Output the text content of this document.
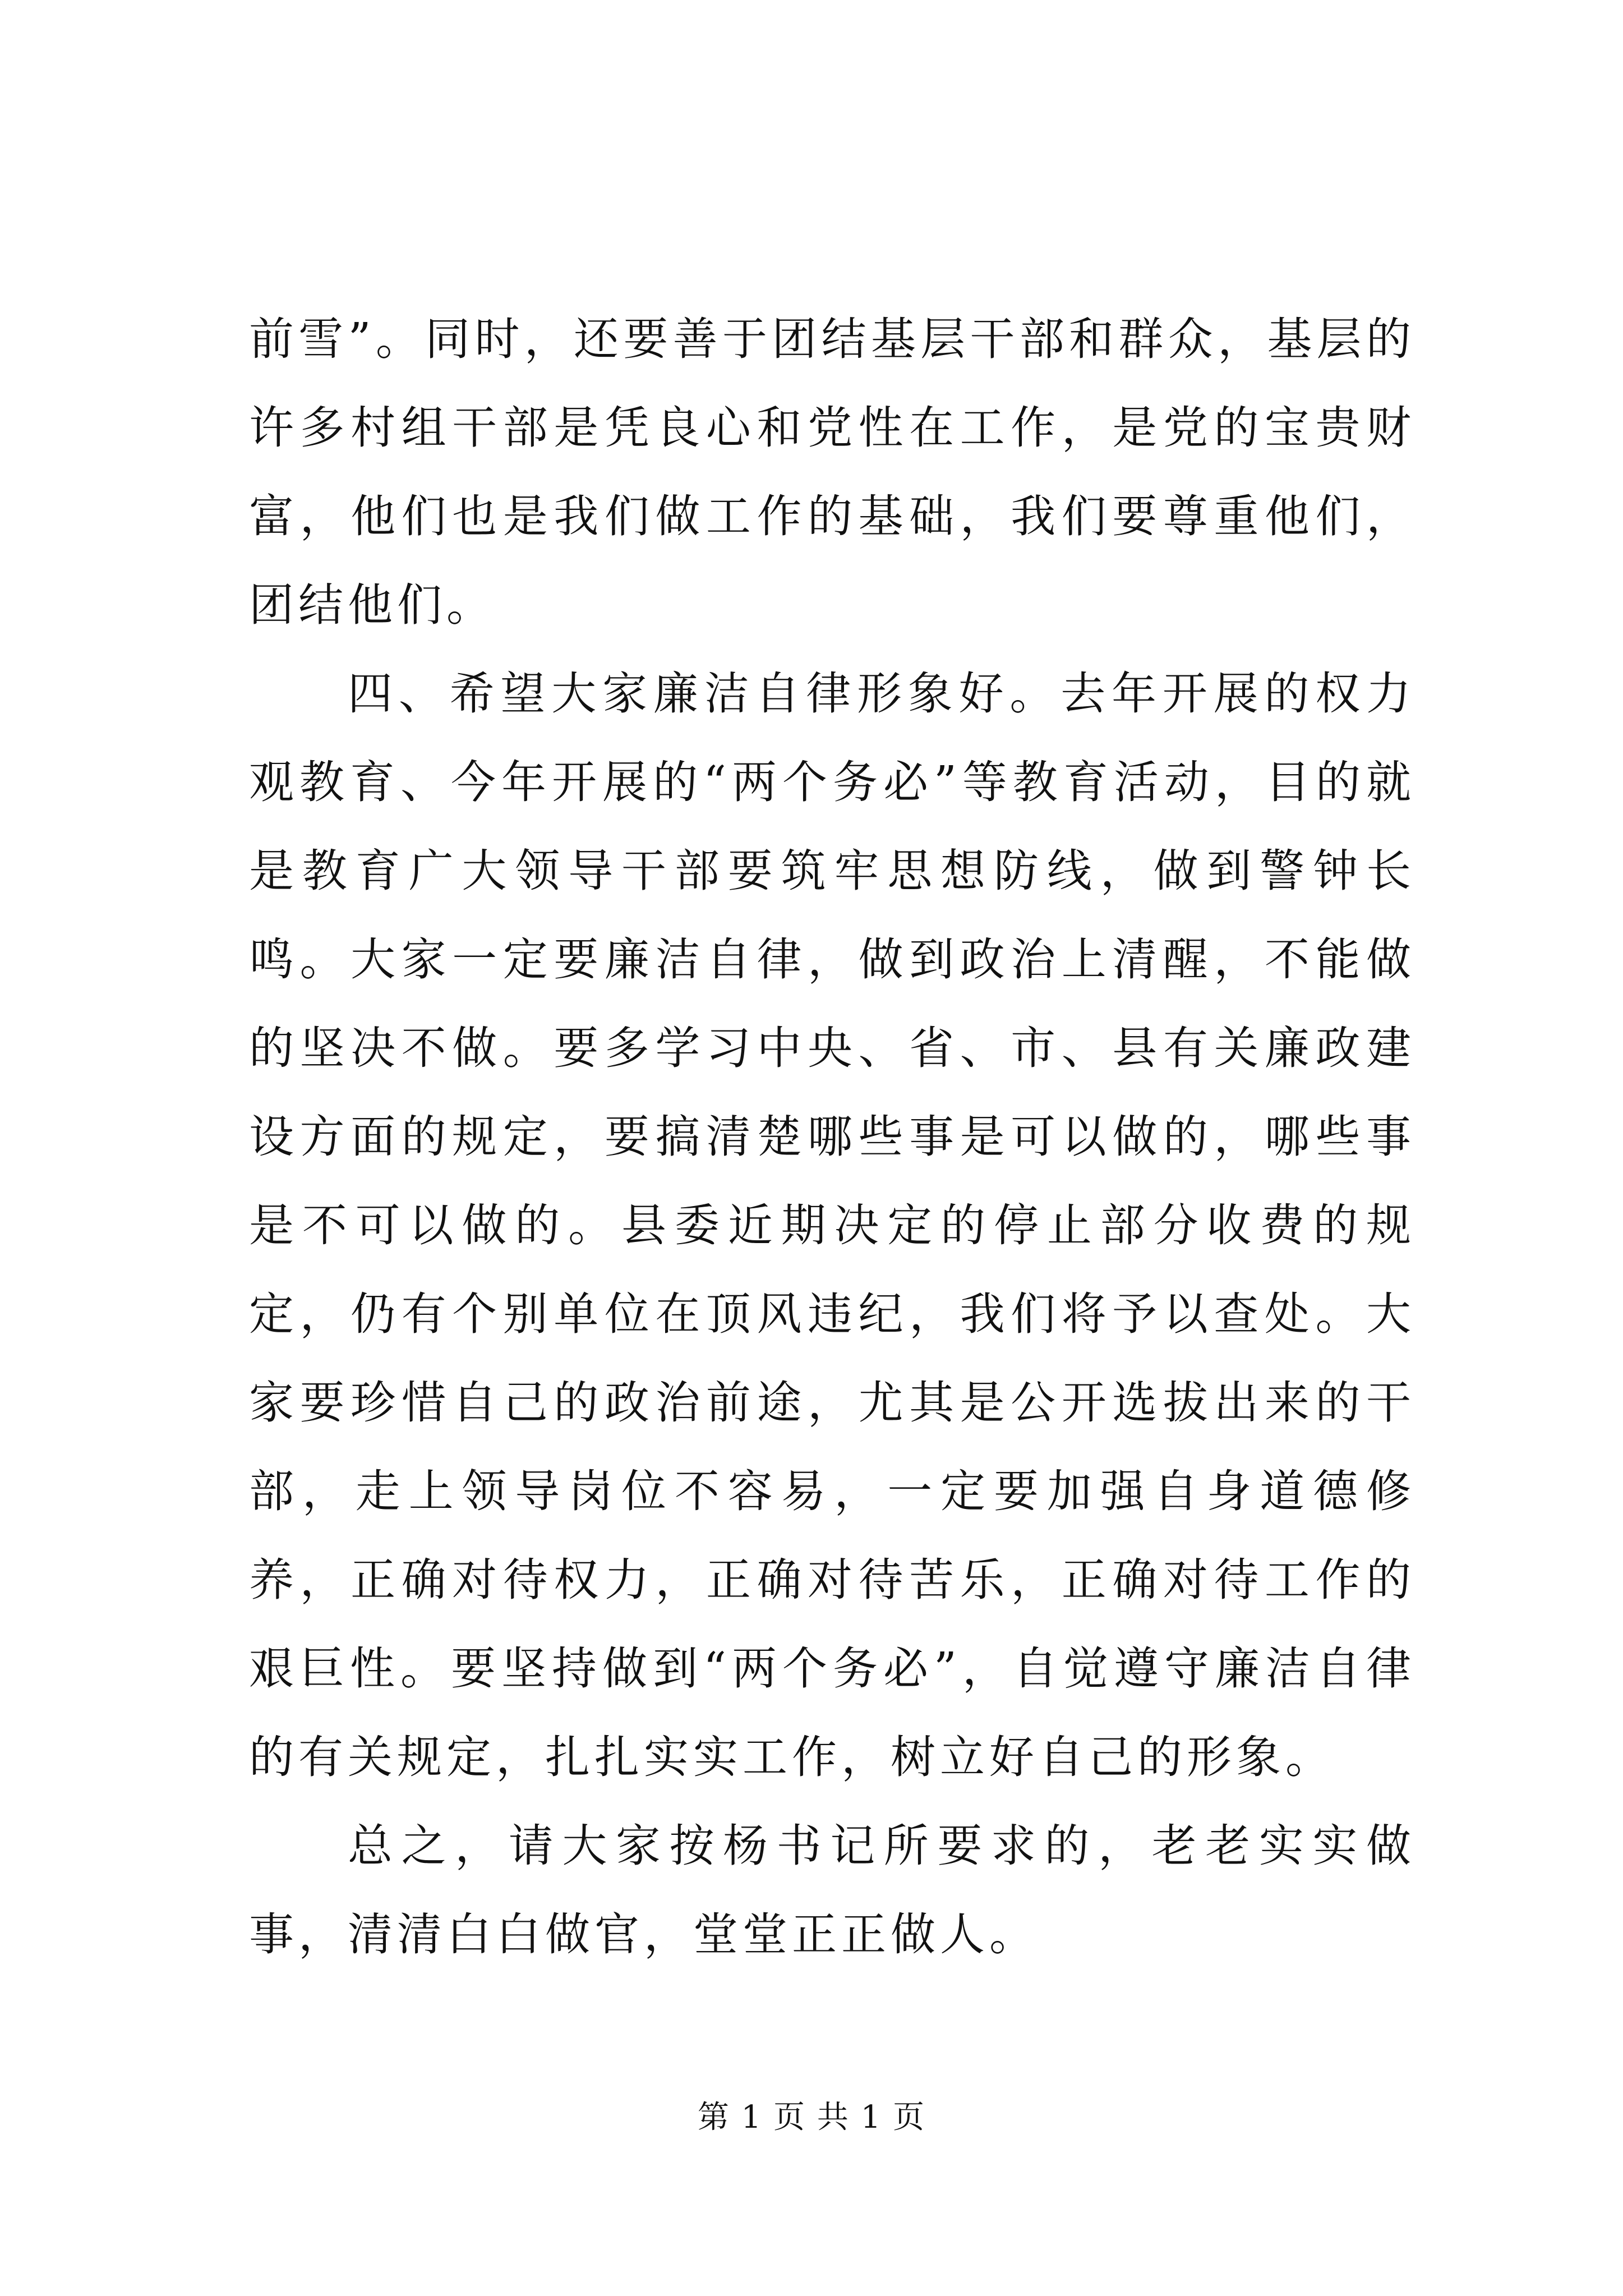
前雪”。同时，还要善于团结基层干部和群众，基层的许多村组干部是凭良心和党性在工作，是党的宝贵财富，他们也是我们做工作的基础，我们要尊重他们，团结他们。

四、希望大家廉洁自律形象好。去年开展的权力观教育、今年开展的“两个务必”等教育活动，目的就是教育广大领导干部要筑牢思想防线，做到警钟长鸣。大家一定要廉洁自律，做到政治上清醒，不能做的坚决不做。要多学习中央、省、市、县有关廉政建设方面的规定，要搞清楚哪些事是可以做的，哪些事是不可以做的。县委近期决定的停止部分收费的规定，仍有个别单位在顶风违纪，我们将予以查处。大家要珍惜自己的政治前途，尤其是公开选拔出来的干部，走上领导岗位不容易，一定要加强自身道德修养，正确对待权力，正确对待苦乐，正确对待工作的艰巨性。要坚持做到“两个务必”，自觉遵守廉洁自律的有关规定，扎扎实实工作，树立好自己的形象。

总之，请大家按杨书记所要求的，老老实实做事，清清白白做官，堂堂正正做人。

第 1 页 共 1 页
